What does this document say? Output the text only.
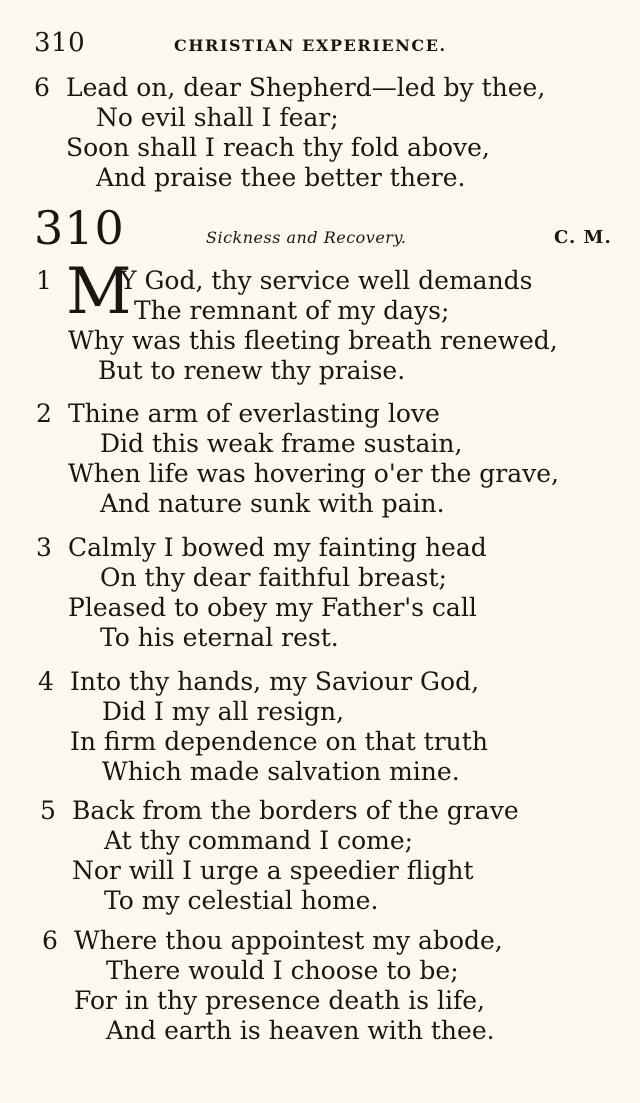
310	CHRISTIAN EXPERIENCE.
6 Lead on, dear Shepherd—led by thee,
No evil shall I fear;
Soon shall I reach thy fold above,
And praise thee better there.
310	Sickness and Recovery.	C. M.
1 M
Y God, thy service well demands
The remnant of my days;
Why was this fleeting breath renewed,
But to renew thy praise.
2 Thine arm of everlasting love
Did this weak frame sustain,
When life was hovering o'er the grave,
And nature sunk with pain.
3 Calmly I bowed my fainting head
On thy dear faithful breast;
Pleased to obey my Father's call
To his eternal rest.
4 Into thy hands, my Saviour God,
Did I my all resign,
In firm dependence on that truth
Which made salvation mine.
5 Back from the borders of the grave
At thy command I come;
Nor will I urge a speedier flight
To my celestial home.
6 Where thou appointest my abode,
There would I choose to be;
For in thy presence death is life,
And earth is heaven with thee.
